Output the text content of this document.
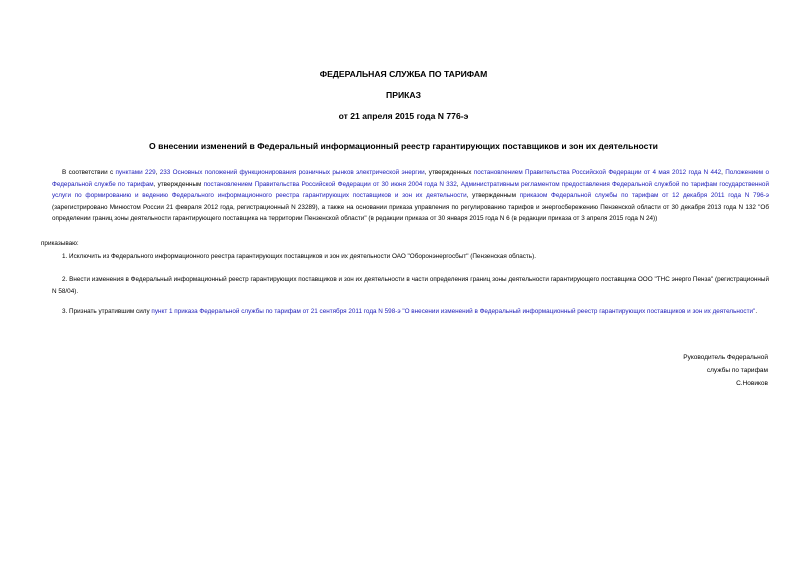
ФЕДЕРАЛЬНАЯ СЛУЖБА ПО ТАРИФАМ
ПРИКАЗ
от 21 апреля 2015 года N 776-э
О внесении изменений в Федеральный информационный реестр гарантирующих поставщиков и зон их деятельности

В соответствии с пунктами 229, 233 Основных положений функционирования розничных рынков электрической энергии, утвержденных постановлением Правительства Российской Федерации от 4 мая 2012 года N 442, Положением о Федеральной службе по тарифам, утвержденным постановлением Правительства Российской Федерации от 30 июня 2004 года N 332, Административным регламентом предоставления Федеральной службой по тарифам государственной услуги по формированию и ведению Федерального информационного реестра гарантирующих поставщиков и зон их деятельности, утвержденным приказом Федеральной службы по тарифам от 12 декабря 2011 года N 796-э (зарегистрировано Минюстом России 21 февраля 2012 года, регистрационный N 23289), а также на основании приказа управления по регулированию тарифов и энергосбережению Пензенской области от 30 декабря 2013 года N 132 "Об определении границ зоны деятельности гарантирующего поставщика на территории Пензенской области" (в редакции приказа от 30 января 2015 года N 6 (в редакции приказа от 3 апреля 2015 года N 24))

приказываю:

1. Исключить из Федерального информационного реестра гарантирующих поставщиков и зон их деятельности ОАО "Оборонэнергосбыт" (Пензенская область).

2. Внести изменения в Федеральный информационный реестр гарантирующих поставщиков и зон их деятельности в части определения границ зоны деятельности гарантирующего поставщика ООО "ТНС энерго Пенза" (регистрационный N 58/04).

3. Признать утратившим силу пункт 1 приказа Федеральной службы по тарифам от 21 сентября 2011 года N 598-э "О внесении изменений в Федеральный информационный реестр гарантирующих поставщиков и зон их деятельности".

Руководитель Федеральной
службы по тарифам
С.Новиков
